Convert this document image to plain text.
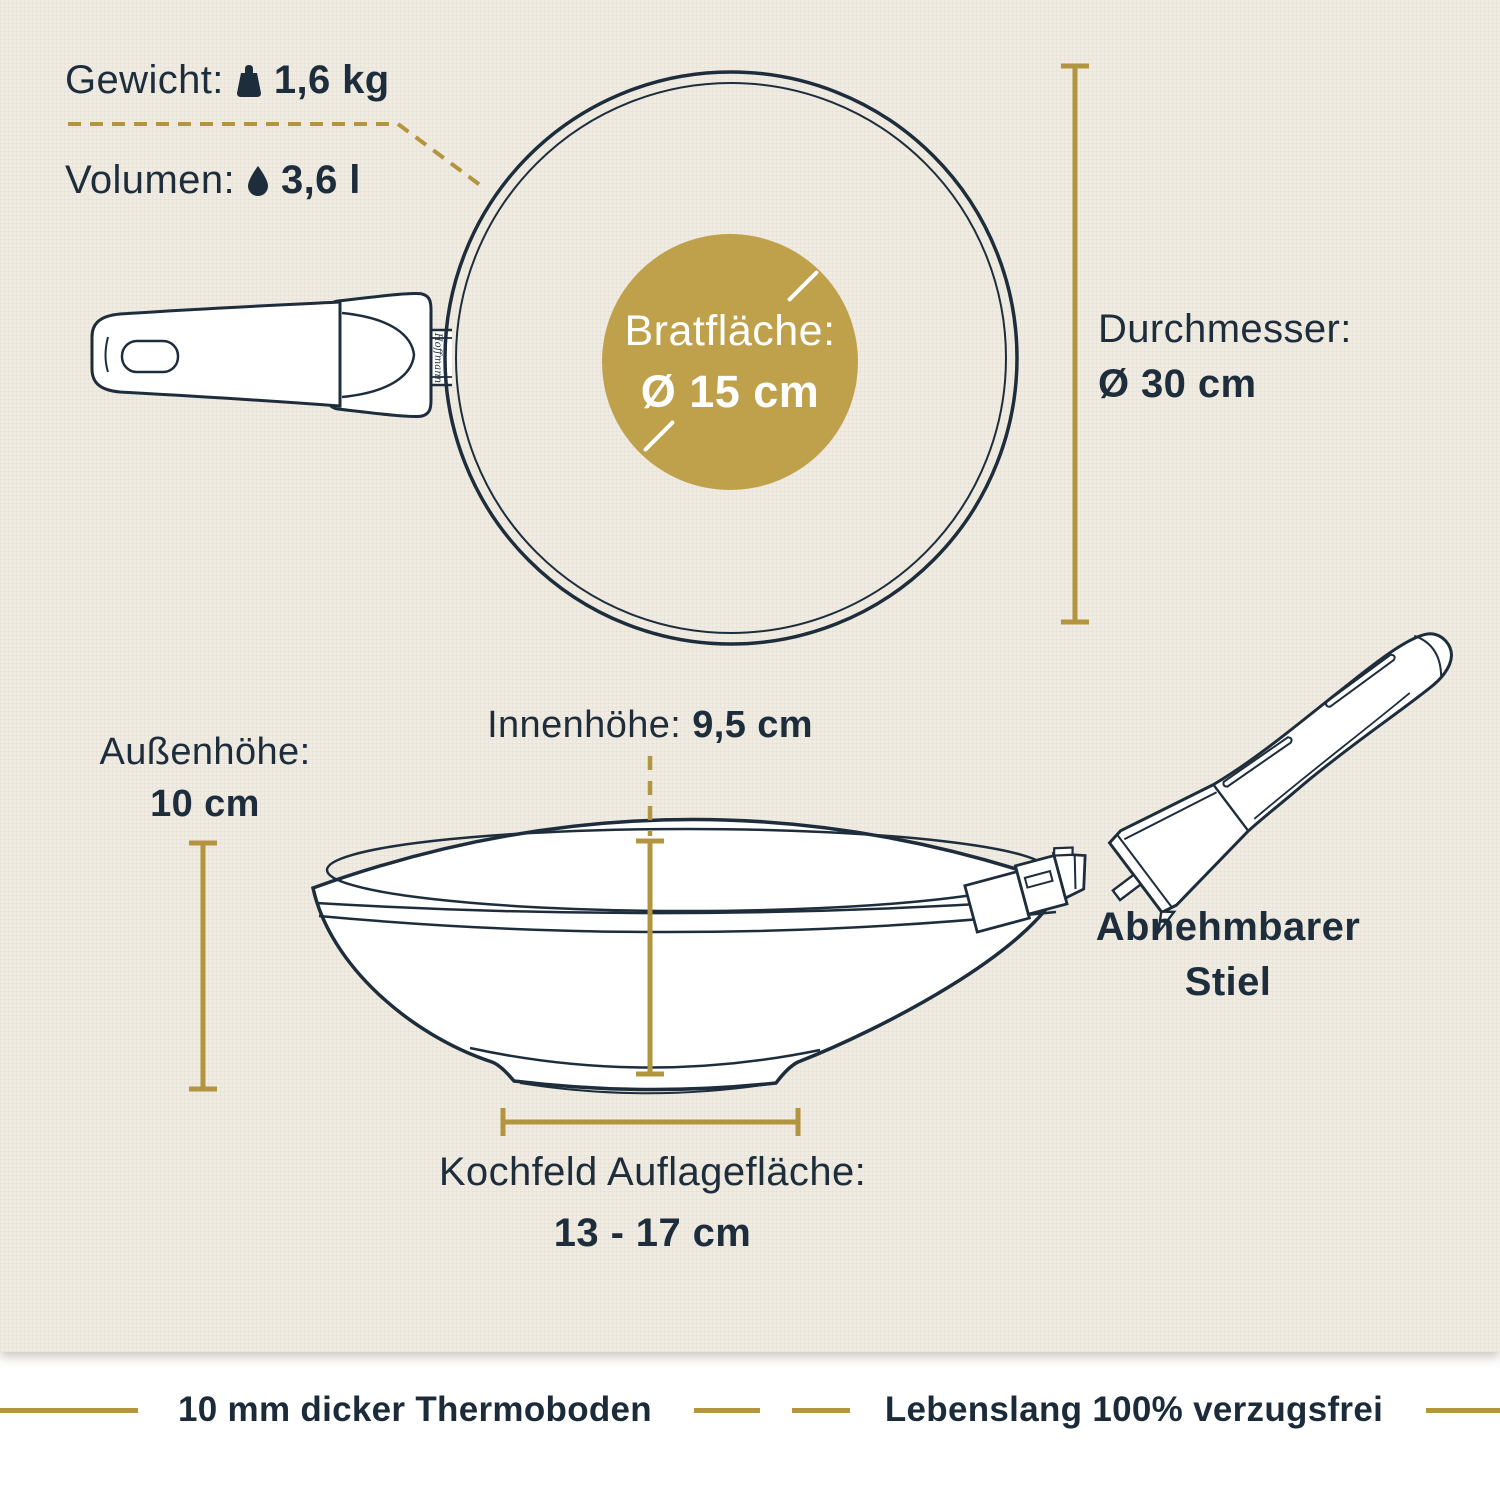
Hoffmann
Bratfläche:
Ø 15 cm
Gewicht: 1,6 kg
Volumen: 3,6 l
Durchmesser:
Ø 30 cm
Innenhöhe: 9,5 cm
Außenhöhe:
10 cm
Abnehmbarer
Stiel
Kochfeld Auflagefläche:
13 - 17 cm
10 mm dicker Thermoboden	Lebenslang 100% verzugsfrei
